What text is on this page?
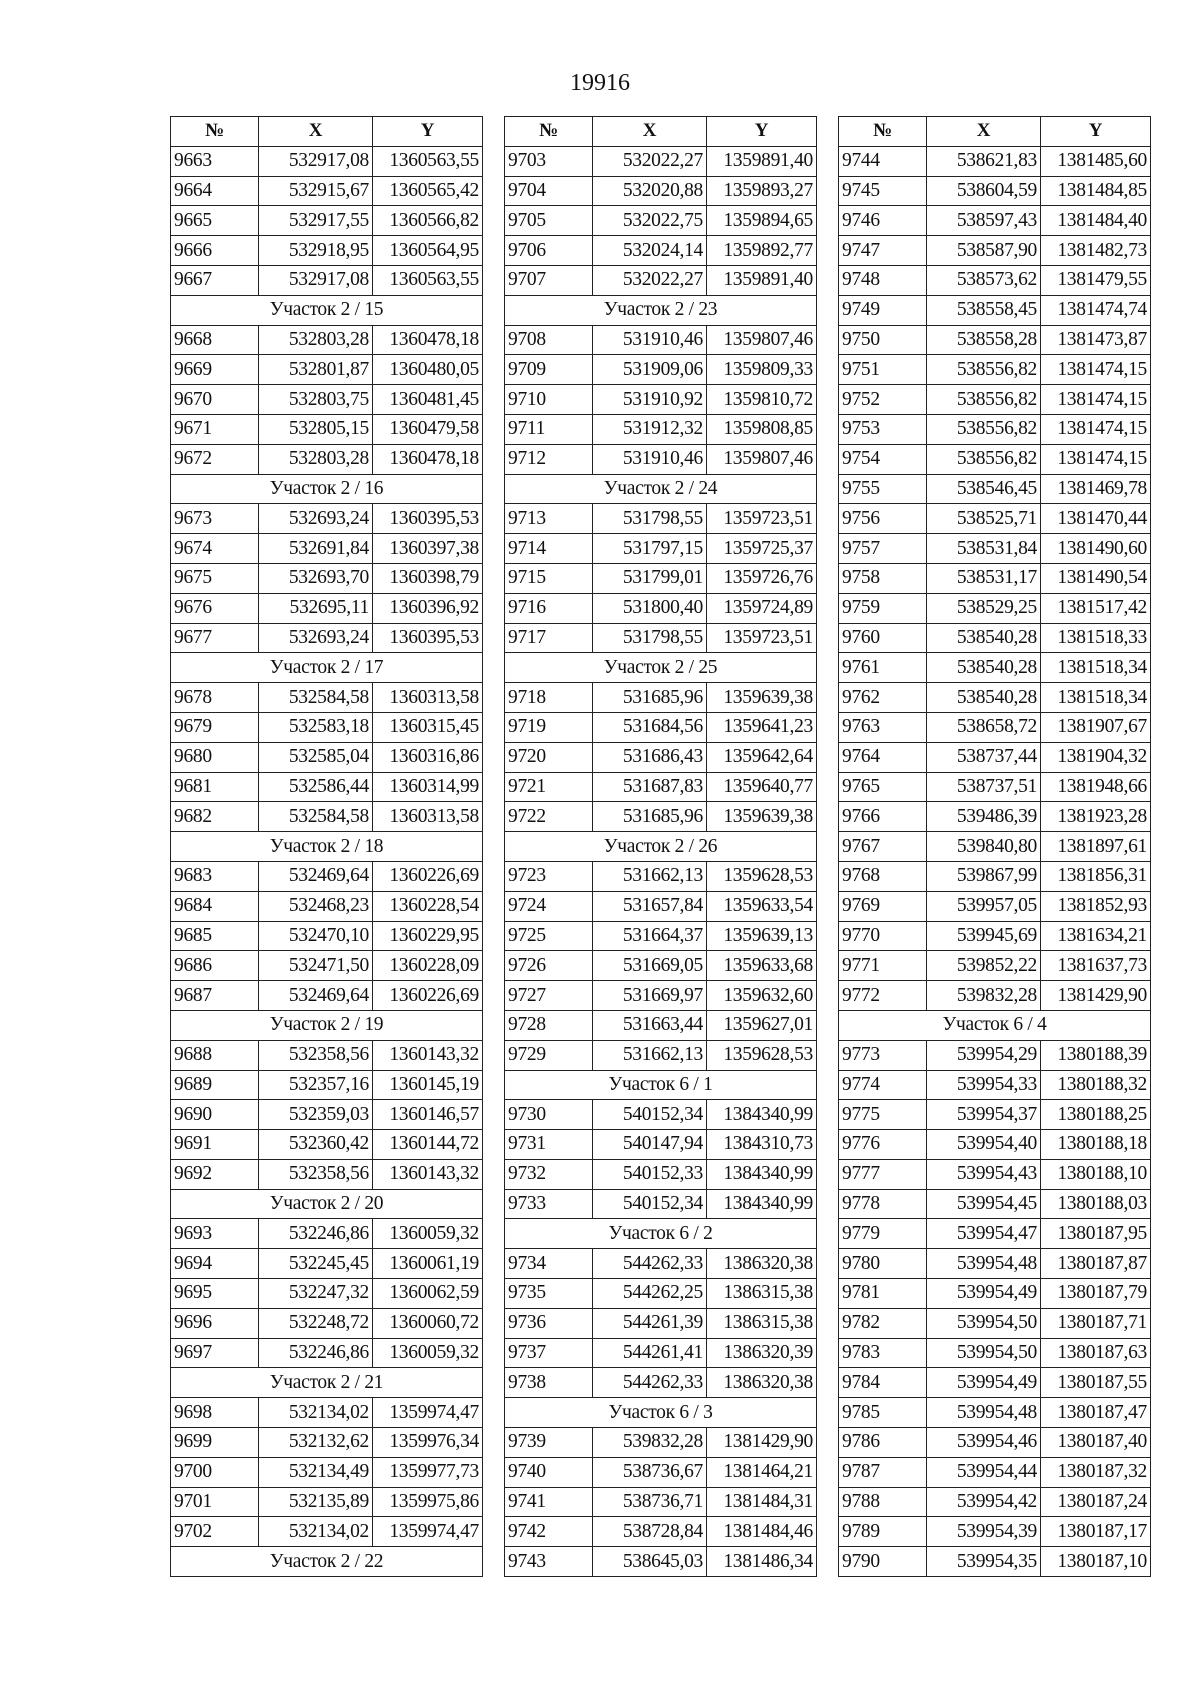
19916
№	X	Y
9663	532917,08	1360563,55
9664	532915,67	1360565,42
9665	532917,55	1360566,82
9666	532918,95	1360564,95
9667	532917,08	1360563,55
Участок 2 / 15		
9668	532803,28	1360478,18
9669	532801,87	1360480,05
9670	532803,75	1360481,45
9671	532805,15	1360479,58
9672	532803,28	1360478,18
Участок 2 / 16		
9673	532693,24	1360395,53
9674	532691,84	1360397,38
9675	532693,70	1360398,79
9676	532695,11	1360396,92
9677	532693,24	1360395,53
Участок 2 / 17		
9678	532584,58	1360313,58
9679	532583,18	1360315,45
9680	532585,04	1360316,86
9681	532586,44	1360314,99
9682	532584,58	1360313,58
Участок 2 / 18		
9683	532469,64	1360226,69
9684	532468,23	1360228,54
9685	532470,10	1360229,95
9686	532471,50	1360228,09
9687	532469,64	1360226,69
Участок 2 / 19		
9688	532358,56	1360143,32
9689	532357,16	1360145,19
9690	532359,03	1360146,57
9691	532360,42	1360144,72
9692	532358,56	1360143,32
Участок 2 / 20		
9693	532246,86	1360059,32
9694	532245,45	1360061,19
9695	532247,32	1360062,59
9696	532248,72	1360060,72
9697	532246,86	1360059,32
Участок 2 / 21		
9698	532134,02	1359974,47
9699	532132,62	1359976,34
9700	532134,49	1359977,73
9701	532135,89	1359975,86
9702	532134,02	1359974,47
Участок 2 / 22		
№	X	Y
9703	532022,27	1359891,40
9704	532020,88	1359893,27
9705	532022,75	1359894,65
9706	532024,14	1359892,77
9707	532022,27	1359891,40
Участок 2 / 23		
9708	531910,46	1359807,46
9709	531909,06	1359809,33
9710	531910,92	1359810,72
9711	531912,32	1359808,85
9712	531910,46	1359807,46
Участок 2 / 24		
9713	531798,55	1359723,51
9714	531797,15	1359725,37
9715	531799,01	1359726,76
9716	531800,40	1359724,89
9717	531798,55	1359723,51
Участок 2 / 25		
9718	531685,96	1359639,38
9719	531684,56	1359641,23
9720	531686,43	1359642,64
9721	531687,83	1359640,77
9722	531685,96	1359639,38
Участок 2 / 26		
9723	531662,13	1359628,53
9724	531657,84	1359633,54
9725	531664,37	1359639,13
9726	531669,05	1359633,68
9727	531669,97	1359632,60
9728	531663,44	1359627,01
9729	531662,13	1359628,53
Участок 6 / 1		
9730	540152,34	1384340,99
9731	540147,94	1384310,73
9732	540152,33	1384340,99
9733	540152,34	1384340,99
Участок 6 / 2		
9734	544262,33	1386320,38
9735	544262,25	1386315,38
9736	544261,39	1386315,38
9737	544261,41	1386320,39
9738	544262,33	1386320,38
Участок 6 / 3		
9739	539832,28	1381429,90
9740	538736,67	1381464,21
9741	538736,71	1381484,31
9742	538728,84	1381484,46
9743	538645,03	1381486,34
№	X	Y
9744	538621,83	1381485,60
9745	538604,59	1381484,85
9746	538597,43	1381484,40
9747	538587,90	1381482,73
9748	538573,62	1381479,55
9749	538558,45	1381474,74
9750	538558,28	1381473,87
9751	538556,82	1381474,15
9752	538556,82	1381474,15
9753	538556,82	1381474,15
9754	538556,82	1381474,15
9755	538546,45	1381469,78
9756	538525,71	1381470,44
9757	538531,84	1381490,60
9758	538531,17	1381490,54
9759	538529,25	1381517,42
9760	538540,28	1381518,33
9761	538540,28	1381518,34
9762	538540,28	1381518,34
9763	538658,72	1381907,67
9764	538737,44	1381904,32
9765	538737,51	1381948,66
9766	539486,39	1381923,28
9767	539840,80	1381897,61
9768	539867,99	1381856,31
9769	539957,05	1381852,93
9770	539945,69	1381634,21
9771	539852,22	1381637,73
9772	539832,28	1381429,90
Участок 6 / 4		
9773	539954,29	1380188,39
9774	539954,33	1380188,32
9775	539954,37	1380188,25
9776	539954,40	1380188,18
9777	539954,43	1380188,10
9778	539954,45	1380188,03
9779	539954,47	1380187,95
9780	539954,48	1380187,87
9781	539954,49	1380187,79
9782	539954,50	1380187,71
9783	539954,50	1380187,63
9784	539954,49	1380187,55
9785	539954,48	1380187,47
9786	539954,46	1380187,40
9787	539954,44	1380187,32
9788	539954,42	1380187,24
9789	539954,39	1380187,17
9790	539954,35	1380187,10
